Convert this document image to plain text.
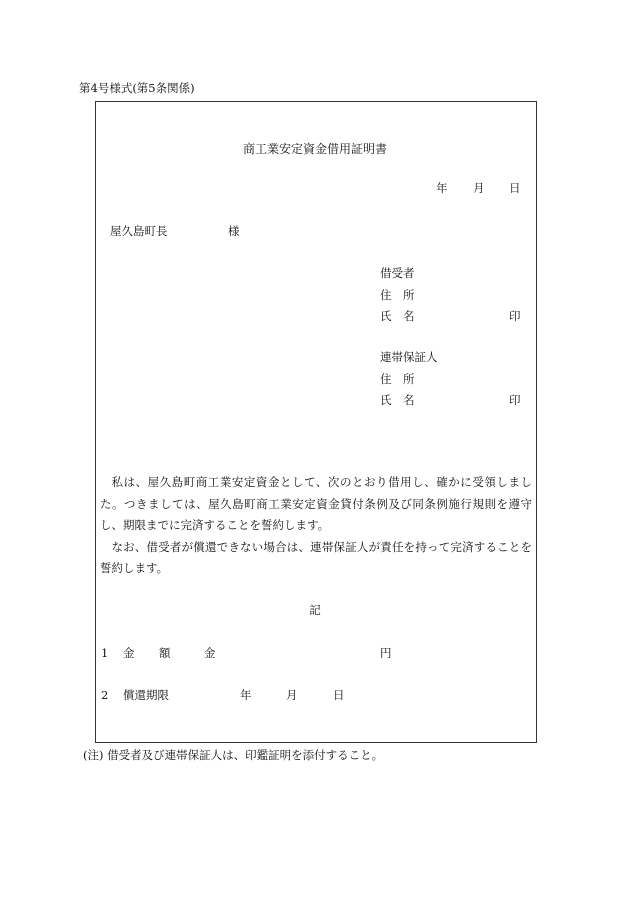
第4号様式(第5条関係)
商工業安定資金借用証明書
年 月 日
屋久島町長	様
借受者
住　所
氏　名	印
連帯保証人
住　所
氏　名	印

私は、屋久島町商工業安定資金として、次のとおり借用し、確かに受領しました。つきましては、屋久島町商工業安定資金貸付条例及び同条例施行規則を遵守し、期限までに完済することを誓約します。

なお、借受者が償還できない場合は、連帯保証人が責任を持って完済することを誓約します。

記
1 金 額	金	円
2 償還期限	年	月	日
(注) 借受者及び連帯保証人は、印鑑証明を添付すること。
